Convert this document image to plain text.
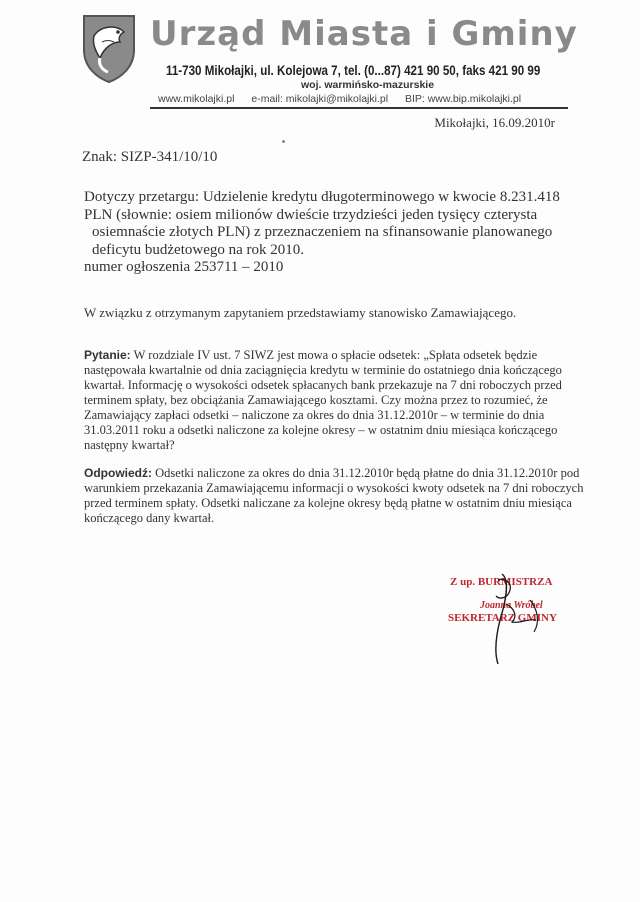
Urząd Miasta i Gminy
11-730 Mikołajki, ul. Kolejowa 7, tel. (0...87) 421 90 50, faks 421 90 99
woj. warmińsko-mazurskie
www.mikolajki.pl e-mail: mikolajki@mikolajki.pl BIP: www.bip.mikolajki.pl
Mikołajki, 16.09.2010r
Znak: SIZP-341/10/10

Dotyczy przetargu: Udzielenie kredytu długoterminowego w kwocie 8.231.418

PLN (słownie: osiem milionów dwieście trzydzieści jeden tysięcy czterysta

osiemnaście złotych PLN) z przeznaczeniem na sfinansowanie planowanego

deficytu budżetowego na rok 2010.

numer ogłoszenia 253711 – 2010

W związku z otrzymanym zapytaniem przedstawiamy stanowisko Zamawiającego.
Pytanie: W rozdziale IV ust. 7 SIWZ jest mowa o spłacie odsetek: „Spłata odsetek będzie następowała kwartalnie od dnia zaciągnięcia kredytu w terminie do ostatniego dnia kończącego kwartał. Informację o wysokości odsetek spłacanych bank przekazuje na 7 dni roboczych przed terminem spłaty, bez obciążania Zamawiającego kosztami. Czy można przez to rozumieć, że Zamawiający zapłaci odsetki – naliczone za okres do dnia 31.12.2010r – w terminie do dnia 31.03.2011 roku a odsetki naliczone za kolejne okresy – w ostatnim dniu miesiąca kończącego następny kwartał?
Odpowiedź: Odsetki naliczone za okres do dnia 31.12.2010r będą płatne do dnia 31.12.2010r pod warunkiem przekazania Zamawiającemu informacji o wysokości kwoty odsetek na 7 dni roboczych przed terminem spłaty. Odsetki naliczane za kolejne okresy będą płatne w ostatnim dniu miesiąca kończącego dany kwartał.
Z up. BURMISTRZA
Joanna Wróbel
SEKRETARZ GMINY
